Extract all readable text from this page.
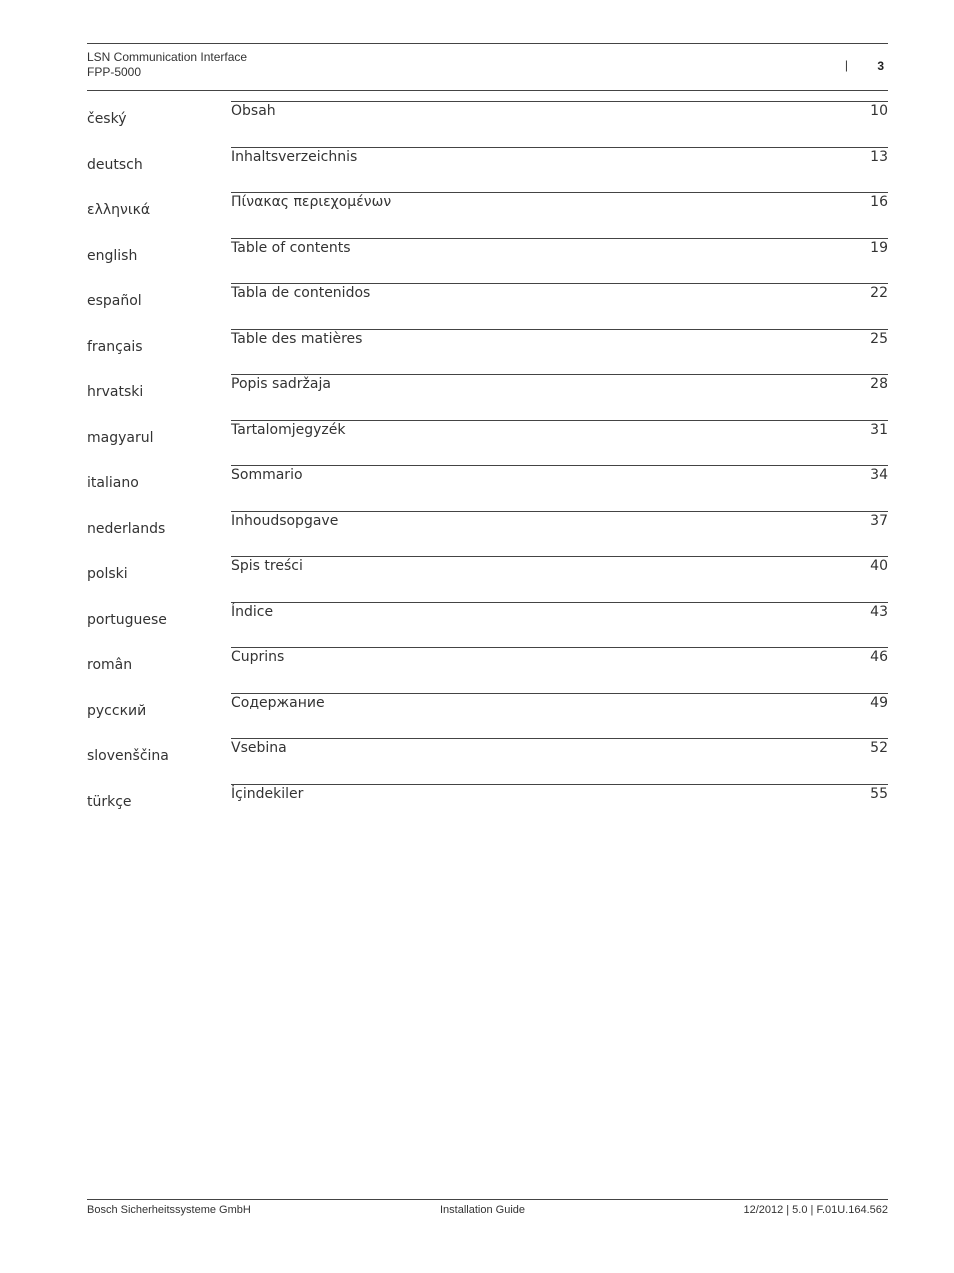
LSN Communication Interface
FPP-5000	| 3
český	Obsah	10
deutsch	Inhaltsverzeichnis	13
ελληνικά	Πίνακας περιεχομένων	16
english	Table of contents	19
español	Tabla de contenidos	22
français	Table des matières	25
hrvatski	Popis sadržaja	28
magyarul	Tartalomjegyzék	31
italiano	Sommario	34
nederlands	Inhoudsopgave	37
polski	Spis treści	40
portuguese	Índice	43
român	Cuprins	46
русский	Содержание	49
slovenščina	Vsebina	52
türkçe	İçindekiler	55
Bosch Sicherheitssysteme GmbH	Installation Guide	12/2012 | 5.0 | F.01U.164.562
